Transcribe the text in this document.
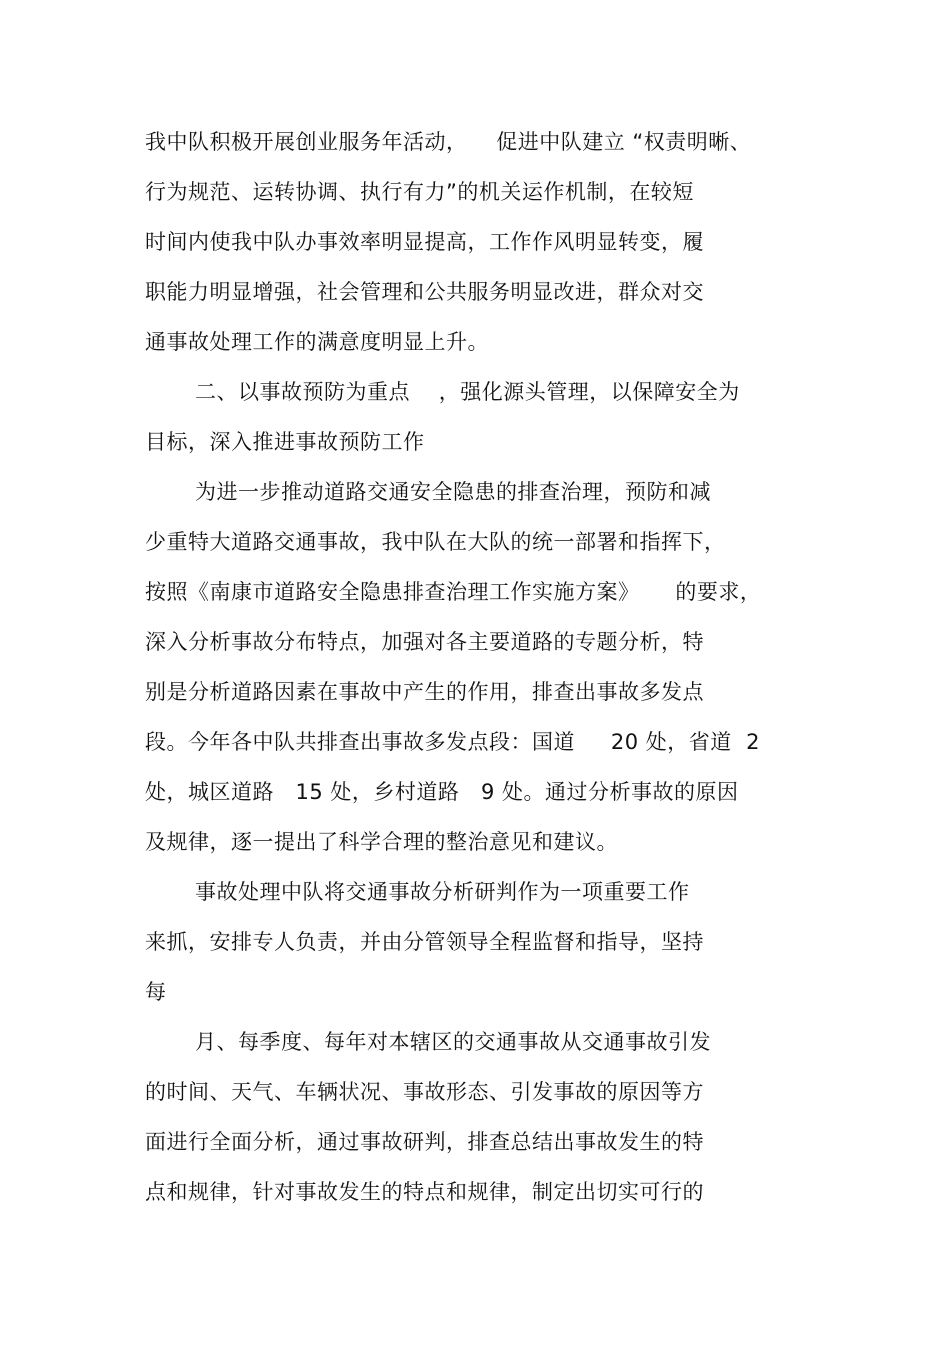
我中队积极开展创业服务年活动，    促进中队建立 “权责明晰、
行为规范、运转协调、执行有力”的机关运作机制，在较短
时间内使我中队办事效率明显提高，工作作风明显转变，履
职能力明显增强，社会管理和公共服务明显改进，群众对交
通事故处理工作的满意度明显上升。
二、以事故预防为重点    ，强化源头管理，以保障安全为
目标，深入推进事故预防工作
为进一步推动道路交通安全隐患的排查治理，预防和减
少重特大道路交通事故，我中队在大队的统一部署和指挥下，
按照《南康市道路安全隐患排查治理工作实施方案》     的要求，
深入分析事故分布特点，加强对各主要道路的专题分析，特
别是分析道路因素在事故中产生的作用，排查出事故多发点
段。今年各中队共排查出事故多发点段：国道     20 处，省道  2
处，城区道路   15 处，乡村道路   9 处。通过分析事故的原因
及规律，逐一提出了科学合理的整治意见和建议。
事故处理中队将交通事故分析研判作为一项重要工作
来抓，安排专人负责，并由分管领导全程监督和指导，坚持
每
月、每季度、每年对本辖区的交通事故从交通事故引发
的时间、天气、车辆状况、事故形态、引发事故的原因等方
面进行全面分析，通过事故研判，排查总结出事故发生的特
点和规律，针对事故发生的特点和规律，制定出切实可行的
